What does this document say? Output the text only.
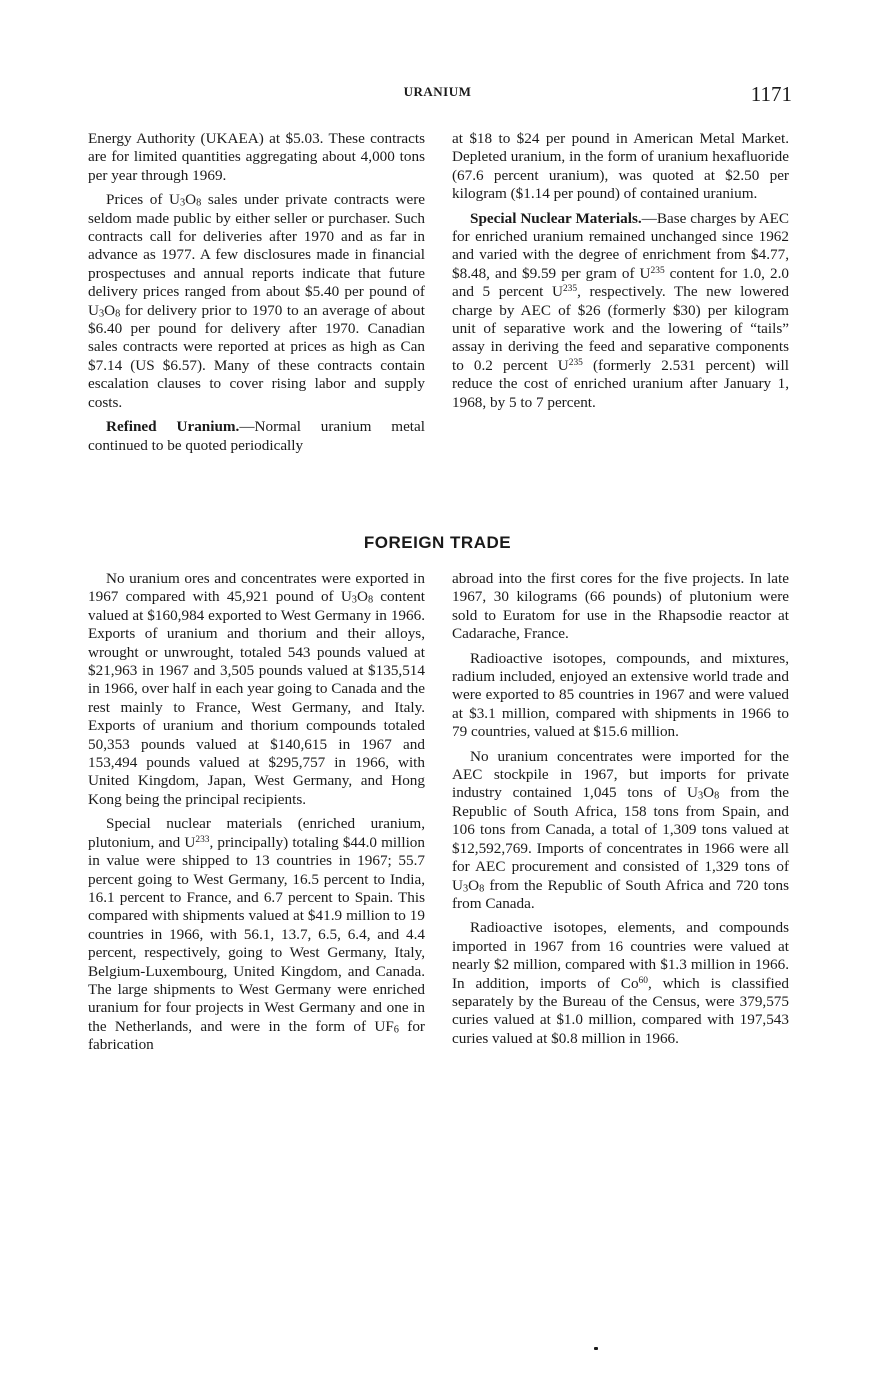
URANIUM	1171

Energy Authority (UKAEA) at $5.03. These contracts are for limited quantities aggregating about 4,000 tons per year through 1969.

Prices of $U_3O_8$ sales under private contracts were seldom made public by either seller or purchaser. Such contracts call for deliveries after 1970 and as far in advance as 1977. A few disclosures made in financial prospectuses and annual reports indicate that future delivery prices ranged from about $5.40 per pound of $U_3O_8$ for delivery prior to 1970 to an average of about $6.40 per pound for delivery after 1970. Canadian sales contracts were reported at prices as high as Can $7.14 (US $6.57). Many of these contracts contain escalation clauses to cover rising labor and supply costs.

Refined Uranium.—Normal uranium metal continued to be quoted periodically

at $18 to $24 per pound in American Metal Market. Depleted uranium, in the form of uranium hexafluoride (67.6 percent uranium), was quoted at $2.50 per kilogram ($1.14 per pound) of contained uranium.

Special Nuclear Materials.—Base charges by AEC for enriched uranium remained unchanged since 1962 and varied with the degree of enrichment from $4.77, $8.48, and $9.59 per gram of $U^{235}$ content for 1.0, 2.0 and 5 percent $U^{235}$, respectively. The new lowered charge by AEC of $26 (formerly $30) per kilogram unit of separative work and the lowering of “tails” assay in deriving the feed and separative components to 0.2 percent $U^{235}$ (formerly 2.531 percent) will reduce the cost of enriched uranium after January 1, 1968, by 5 to 7 percent.

FOREIGN TRADE

No uranium ores and concentrates were exported in 1967 compared with 45,921 pound of $U_3O_8$ content valued at $160,984 exported to West Germany in 1966. Exports of uranium and thorium and their alloys, wrought or unwrought, totaled 543 pounds valued at $21,963 in 1967 and 3,505 pounds valued at $135,514 in 1966, over half in each year going to Canada and the rest mainly to France, West Germany, and Italy. Exports of uranium and thorium compounds totaled 50,353 pounds valued at $140,615 in 1967 and 153,494 pounds valued at $295,757 in 1966, with United Kingdom, Japan, West Germany, and Hong Kong being the principal recipients.

Special nuclear materials (enriched uranium, plutonium, and $U^{233}$, principally) totaling $44.0 million in value were shipped to 13 countries in 1967; 55.7 percent going to West Germany, 16.5 percent to India, 16.1 percent to France, and 6.7 percent to Spain. This compared with shipments valued at $41.9 million to 19 countries in 1966, with 56.1, 13.7, 6.5, 6.4, and 4.4 percent, respectively, going to West Germany, Italy, Belgium-Luxembourg, United Kingdom, and Canada. The large shipments to West Germany were enriched uranium for four projects in West Germany and one in the Netherlands, and were in the form of $UF_6$ for fabrication

abroad into the first cores for the five projects. In late 1967, 30 kilograms (66 pounds) of plutonium were sold to Euratom for use in the Rhapsodie reactor at Cadarache, France.

Radioactive isotopes, compounds, and mixtures, radium included, enjoyed an extensive world trade and were exported to 85 countries in 1967 and were valued at $3.1 million, compared with shipments in 1966 to 79 countries, valued at $15.6 million.

No uranium concentrates were imported for the AEC stockpile in 1967, but imports for private industry contained 1,045 tons of $U_3O_8$ from the Republic of South Africa, 158 tons from Spain, and 106 tons from Canada, a total of 1,309 tons valued at $12,592,769. Imports of concentrates in 1966 were all for AEC procurement and consisted of 1,329 tons of $U_3O_8$ from the Republic of South Africa and 720 tons from Canada.

Radioactive isotopes, elements, and compounds imported in 1967 from 16 countries were valued at nearly $2 million, compared with $1.3 million in 1966. In addition, imports of Co$^{60}$, which is classified separately by the Bureau of the Census, were 379,575 curies valued at $1.0 million, compared with 197,543 curies valued at $0.8 million in 1966.
